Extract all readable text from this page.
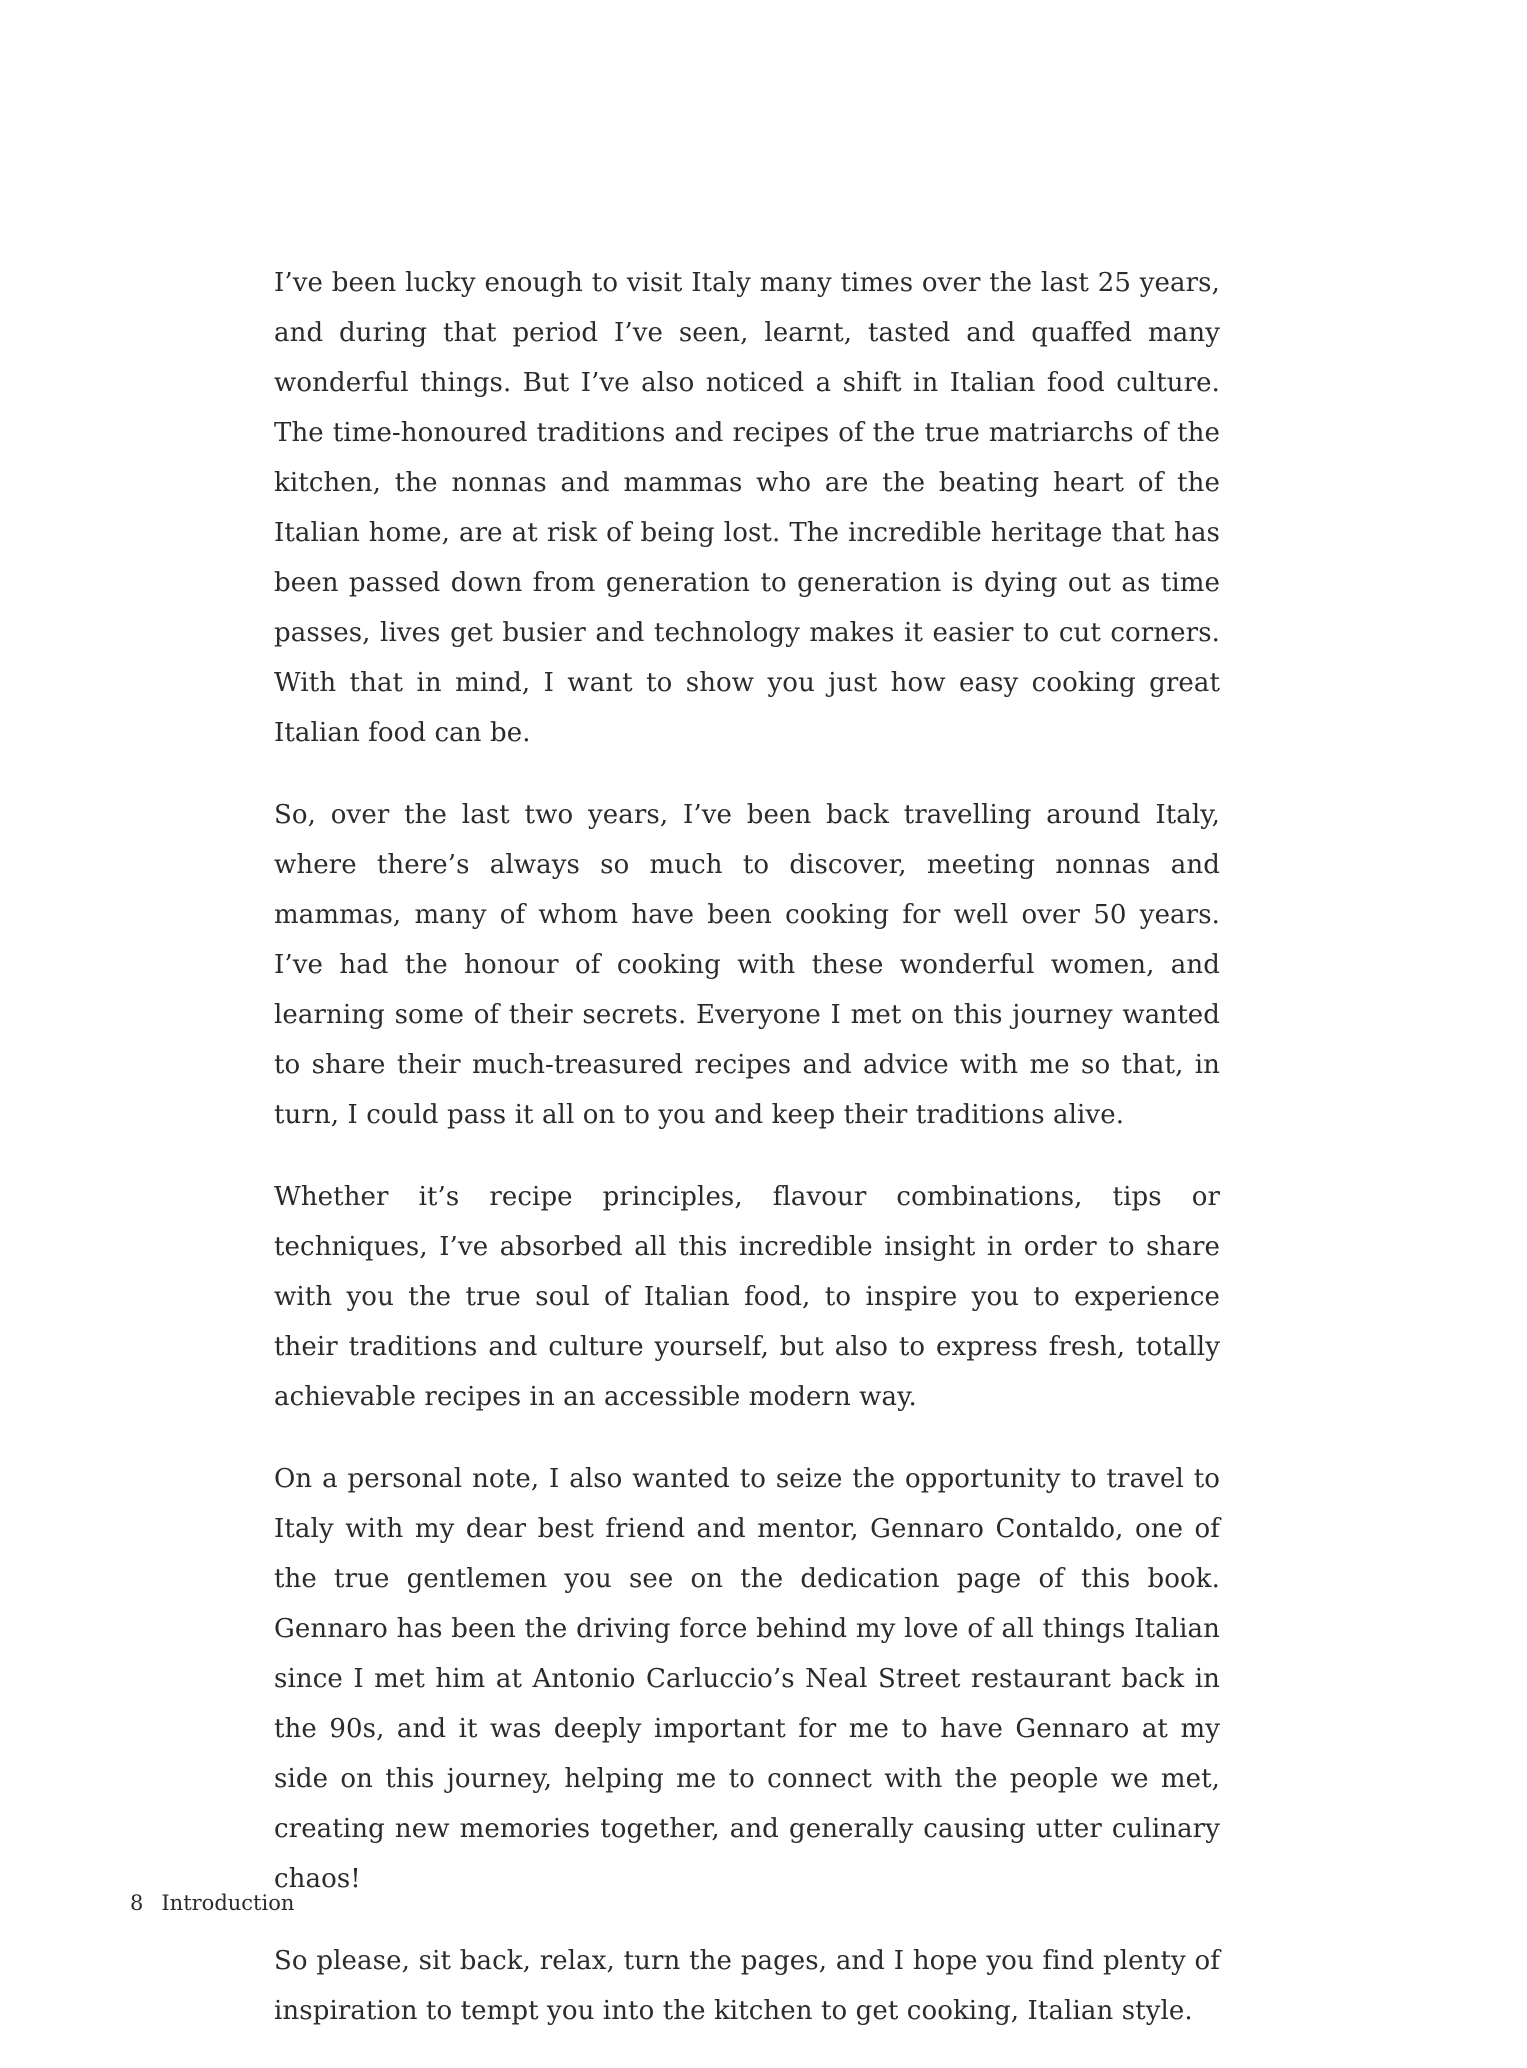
I’ve been lucky enough to visit Italy many times over the last 25 years, and during that period I’ve seen, learnt, tasted and quaffed many wonderful things. But I’ve also noticed a shift in Italian food culture. The time-honoured traditions and recipes of the true matriarchs of the kitchen, the nonnas and mammas who are the beating heart of the Italian home, are at risk of being lost. The incredible heritage that has been passed down from generation to generation is dying out as time passes, lives get busier and technology makes it easier to cut corners. With that in mind, I want to show you just how easy cooking great Italian food can be.

So, over the last two years, I’ve been back travelling around Italy, where there’s always so much to discover, meeting nonnas and mammas, many of whom have been cooking for well over 50 years. I’ve had the honour of cooking with these wonderful women, and learning some of their secrets. Everyone I met on this journey wanted to share their much-treasured recipes and advice with me so that, in turn, I could pass it all on to you and keep their traditions alive.

Whether it’s recipe principles, flavour combinations, tips or techniques, I’ve absorbed all this incredible insight in order to share with you the true soul of Italian food, to inspire you to experience their traditions and culture yourself, but also to express fresh, totally achievable recipes in an accessible modern way.

On a personal note, I also wanted to seize the opportunity to travel to Italy with my dear best friend and mentor, Gennaro Contaldo, one of the true gentlemen you see on the dedication page of this book. Gennaro has been the driving force behind my love of all things Italian since I met him at Antonio Carluccio’s Neal Street restaurant back in the 90s, and it was deeply important for me to have Gennaro at my side on this journey, helping me to connect with the people we met, creating new memories together, and generally causing utter culinary chaos!

So please, sit back, relax, turn the pages, and I hope you find plenty of inspiration to tempt you into the kitchen to get cooking, Italian style.

8 Introduction
